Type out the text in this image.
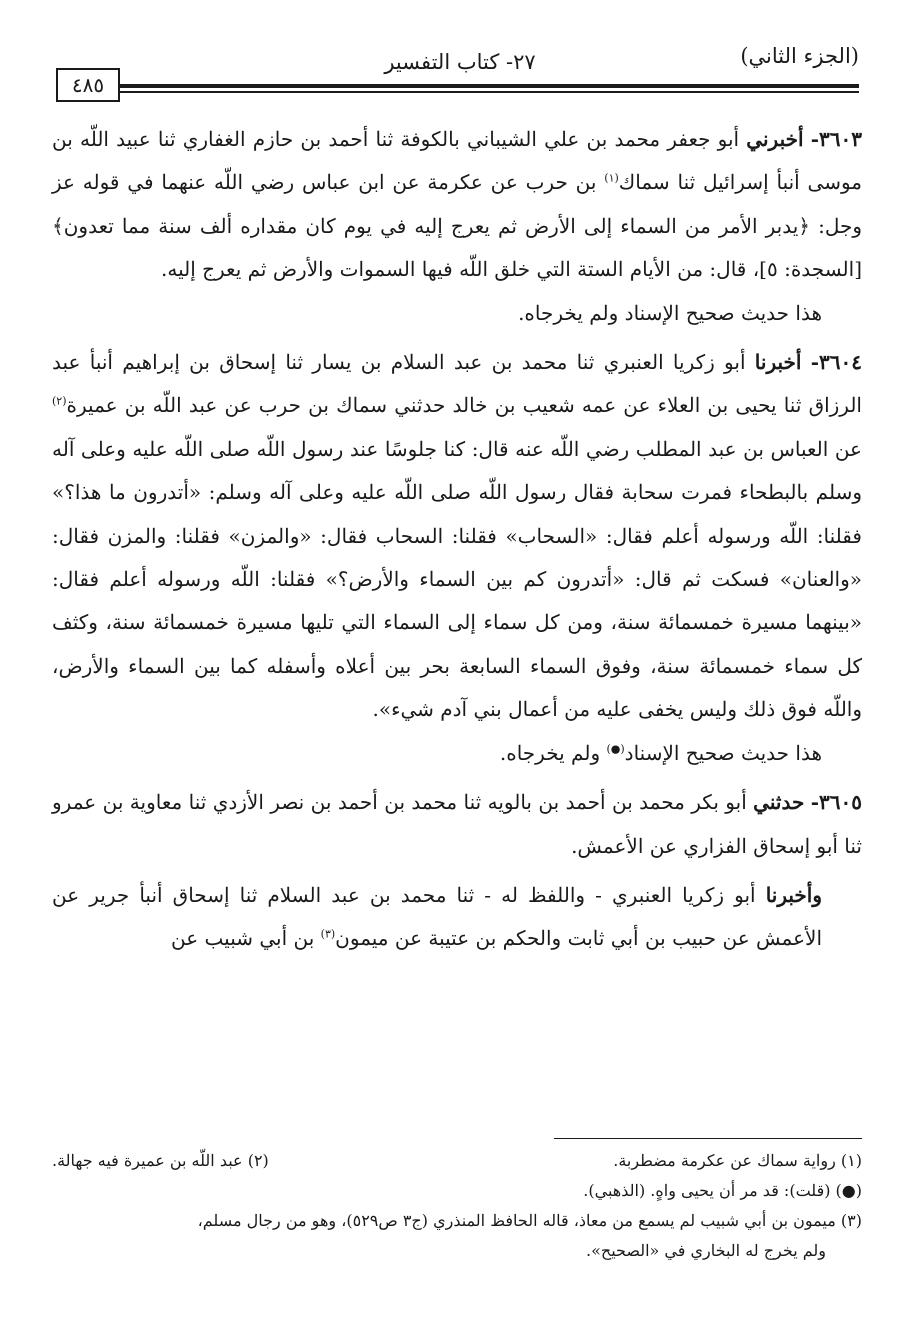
(الجزء الثاني)
٢٧- كتاب التفسير
٤٨٥

٣٦٠٣- أخبرني أبو جعفر محمد بن علي الشيباني بالكوفة ثنا أحمد بن حازم الغفاري ثنا عبيد اللّه بن موسى أنبأ إسرائيل ثنا سماك$^{(١)}$ بن حرب عن عكرمة عن ابن عباس رضي اللّه عنهما في قوله عز وجل: ﴿يدبر الأمر من السماء إلى الأرض ثم يعرج إليه في يوم كان مقداره ألف سنة مما تعدون﴾ [السجدة: ٥]، قال: من الأيام الستة التي خلق اللّه فيها السموات والأرض ثم يعرج إليه.

هذا حديث صحيح الإسناد ولم يخرجاه.

٣٦٠٤- أخبرنا أبو زكريا العنبري ثنا محمد بن عبد السلام بن يسار ثنا إسحاق بن إبراهيم أنبأ عبد الرزاق ثنا يحيى بن العلاء عن عمه شعيب بن خالد حدثني سماك بن حرب عن عبد اللّه بن عميرة$^{(٢)}$ عن العباس بن عبد المطلب رضي اللّه عنه قال: كنا جلوسًا عند رسول اللّه صلى اللّه عليه وعلى آله وسلم بالبطحاء فمرت سحابة فقال رسول اللّه صلى اللّه عليه وعلى آله وسلم: «أتدرون ما هذا؟» فقلنا: اللّه ورسوله أعلم فقال: «السحاب» فقلنا: السحاب فقال: «والمزن» فقلنا: والمزن فقال: «والعنان» فسكت ثم قال: «أتدرون كم بين السماء والأرض؟» فقلنا: اللّه ورسوله أعلم فقال: «بينهما مسيرة خمسمائة سنة، ومن كل سماء إلى السماء التي تليها مسيرة خمسمائة سنة، وكثف كل سماء خمسمائة سنة، وفوق السماء السابعة بحر بين أعلاه وأسفله كما بين السماء والأرض، واللّه فوق ذلك وليس يخفى عليه من أعمال بني آدم شيء».

هذا حديث صحيح الإسناد(●) ولم يخرجاه.

٣٦٠٥- حدثني أبو بكر محمد بن أحمد بن بالويه ثنا محمد بن أحمد بن نصر الأزدي ثنا معاوية بن عمرو ثنا أبو إسحاق الفزاري عن الأعمش.

وأخبرنا أبو زكريا العنبري - واللفظ له - ثنا محمد بن عبد السلام ثنا إسحاق أنبأ جرير عن الأعمش عن حبيب بن أبي ثابت والحكم بن عتيبة عن ميمون$^{(٣)}$ بن أبي شبيب عن

(١) رواية سماك عن عكرمة مضطربة.
(٢) عبد اللّه بن عميرة فيه جهالة.

(●) (قلت): قد مر أن يحيى واهٍ. (الذهبي).

(٣) ميمون بن أبي شبيب لم يسمع من معاذ، قاله الحافظ المنذري (ج٣ ص٥٢٩)، وهو من رجال مسلم،

ولم يخرج له البخاري في «الصحيح».
